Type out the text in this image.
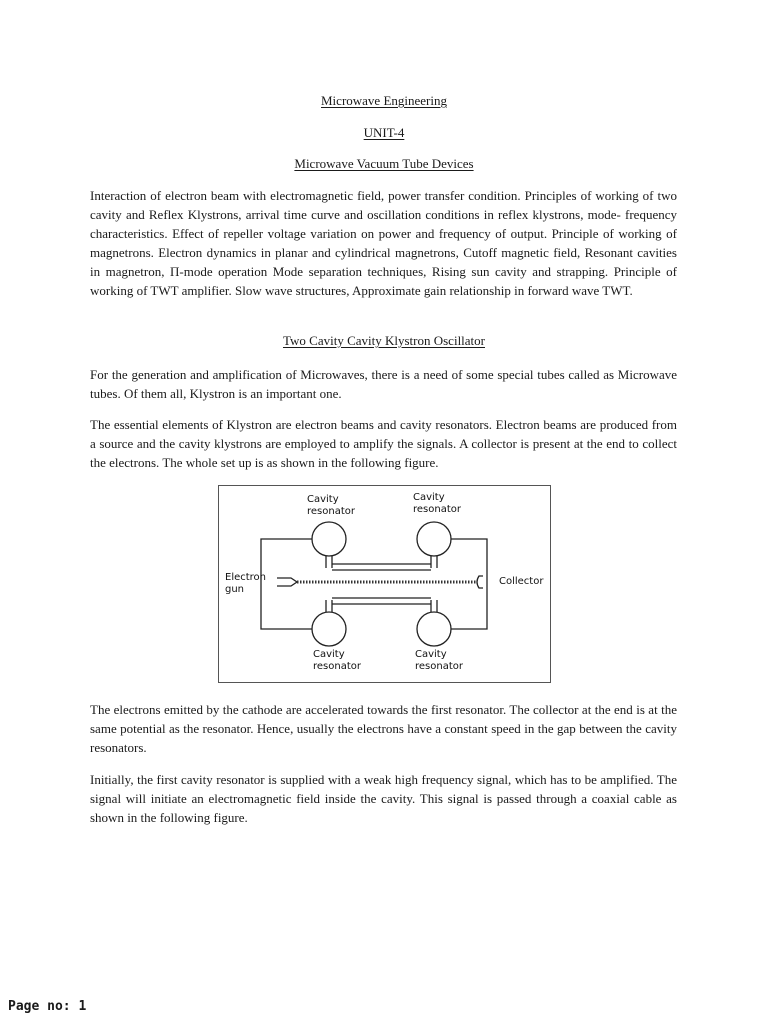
Microwave Engineering
UNIT-4
Microwave Vacuum Tube Devices

Interaction of electron beam with electromagnetic field, power transfer condition. Principles of working of two cavity and Reflex Klystrons, arrival time curve and oscillation conditions in reflex klystrons, mode- frequency characteristics. Effect of repeller voltage variation on power and frequency of output. Principle of working of magnetrons. Electron dynamics in planar and cylindrical magnetrons, Cutoff magnetic field, Resonant cavities in magnetron, Π-mode operation Mode separation techniques, Rising sun cavity and strapping. Principle of working of TWT amplifier. Slow wave structures, Approximate gain relationship in forward wave TWT.

Two Cavity Cavity Klystron Oscillator

For the generation and amplification of Microwaves, there is a need of some special tubes called as Microwave tubes. Of them all, Klystron is an important one.

The essential elements of Klystron are electron beams and cavity resonators. Electron beams are produced from a source and the cavity klystrons are employed to amplify the signals. A collector is present at the end to collect the electrons. The whole set up is as shown in the following figure.

Cavity
resonator
Cavity
resonator
Cavity
resonator
Cavity
resonator
Electron
gun
Collector

The electrons emitted by the cathode are accelerated towards the first resonator. The collector at the end is at the same potential as the resonator. Hence, usually the electrons have a constant speed in the gap between the cavity resonators.

Initially, the first cavity resonator is supplied with a weak high frequency signal, which has to be amplified. The signal will initiate an electromagnetic field inside the cavity. This signal is passed through a coaxial cable as shown in the following figure.

Page no: 1
